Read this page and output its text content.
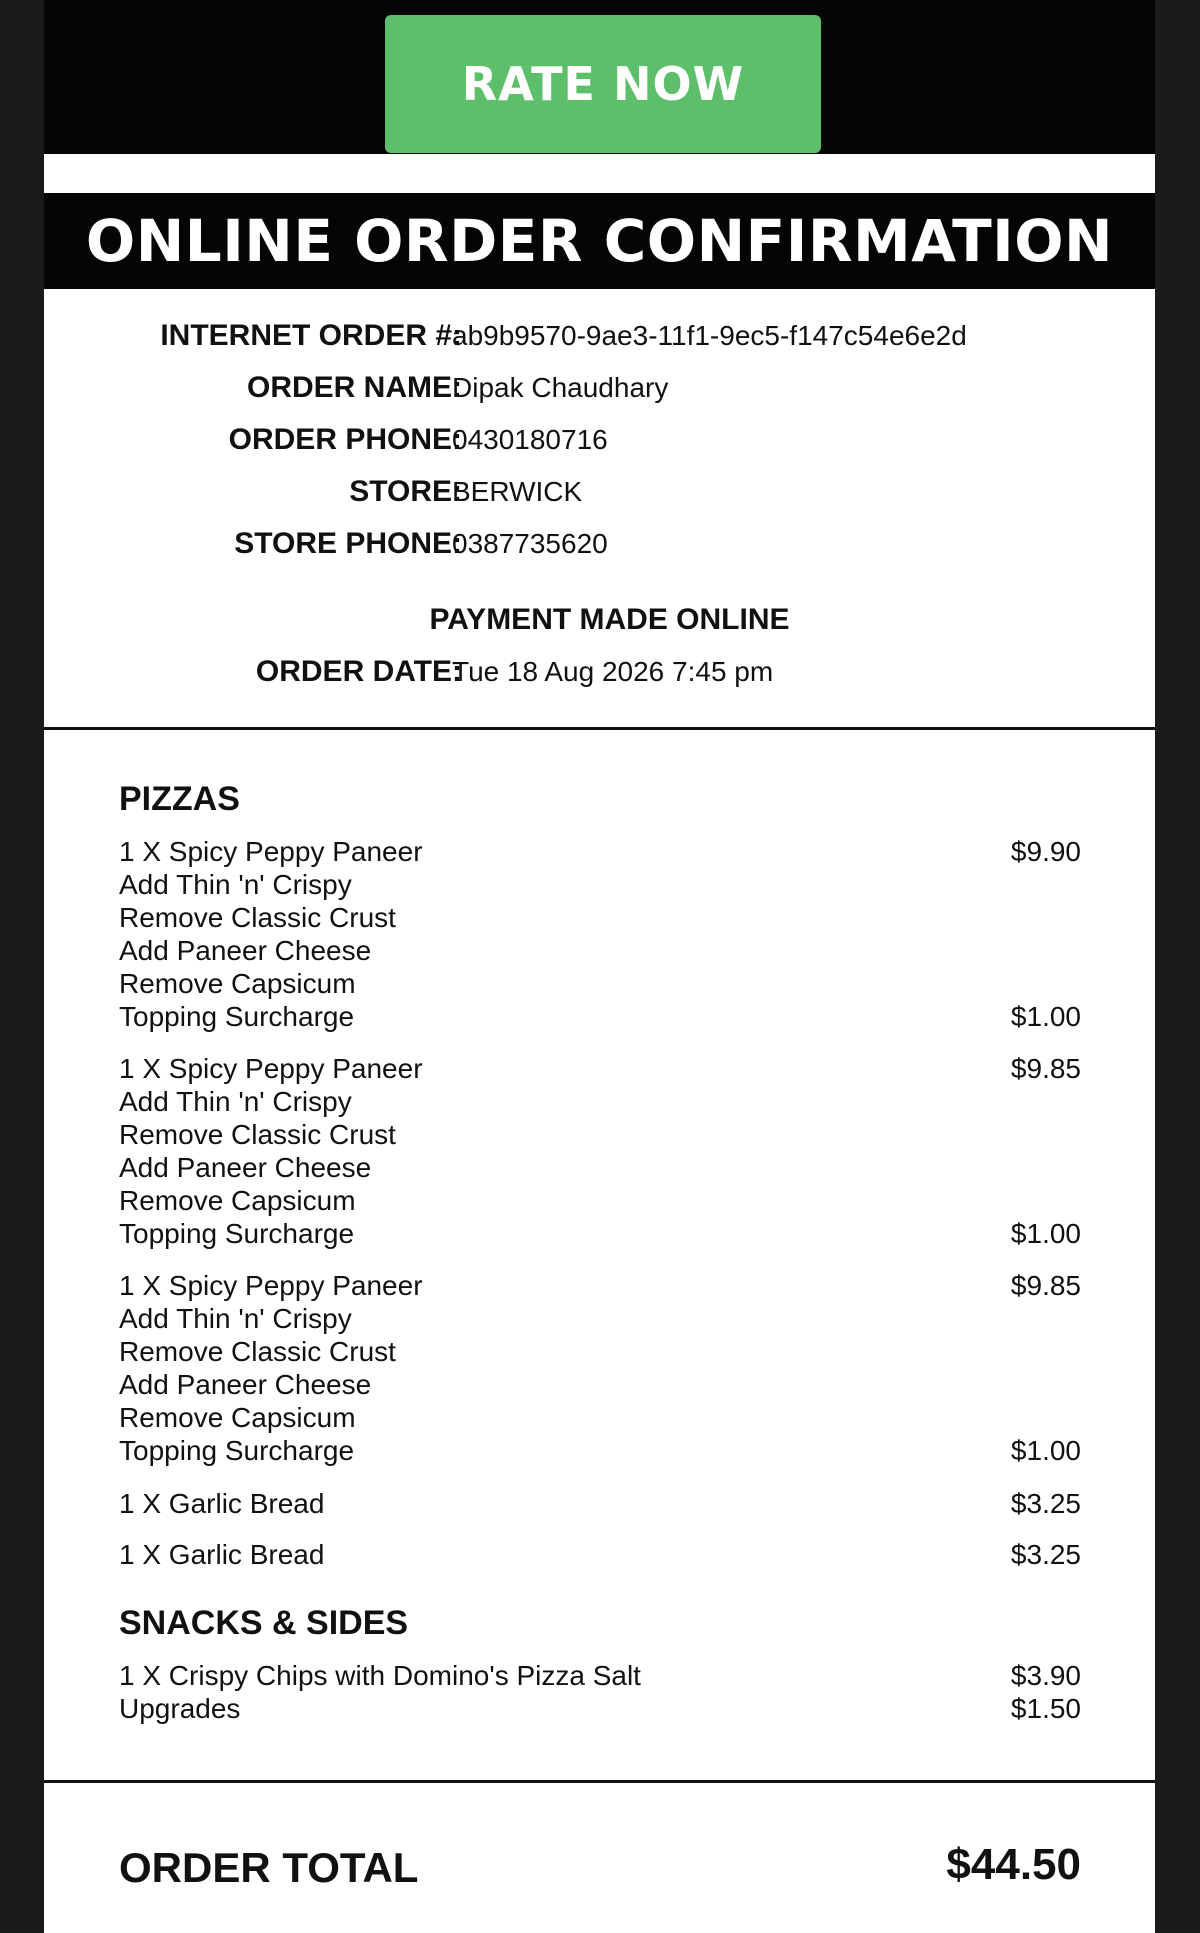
RATE NOW
ONLINE ORDER CONFIRMATION
INTERNET ORDER #:
ab9b9570-9ae3-11f1-9ec5-f147c54e6e2d
ORDER NAME:
Dipak Chaudhary
ORDER PHONE:
0430180716
STORE:
BERWICK
STORE PHONE:
0387735620
PAYMENT MADE ONLINE
ORDER DATE:
Tue 18 Aug 2026 7:45 pm
PIZZAS
1 X Spicy Peppy Paneer	$9.90
Add Thin 'n' Crispy
Remove Classic Crust
Add Paneer Cheese
Remove Capsicum
Topping Surcharge	$1.00
1 X Spicy Peppy Paneer	$9.85
Add Thin 'n' Crispy
Remove Classic Crust
Add Paneer Cheese
Remove Capsicum
Topping Surcharge	$1.00
1 X Spicy Peppy Paneer	$9.85
Add Thin 'n' Crispy
Remove Classic Crust
Add Paneer Cheese
Remove Capsicum
Topping Surcharge	$1.00
1 X Garlic Bread	$3.25
1 X Garlic Bread	$3.25
SNACKS & SIDES
1 X Crispy Chips with Domino's Pizza Salt	$3.90
Upgrades	$1.50
ORDER TOTAL	$44.50
